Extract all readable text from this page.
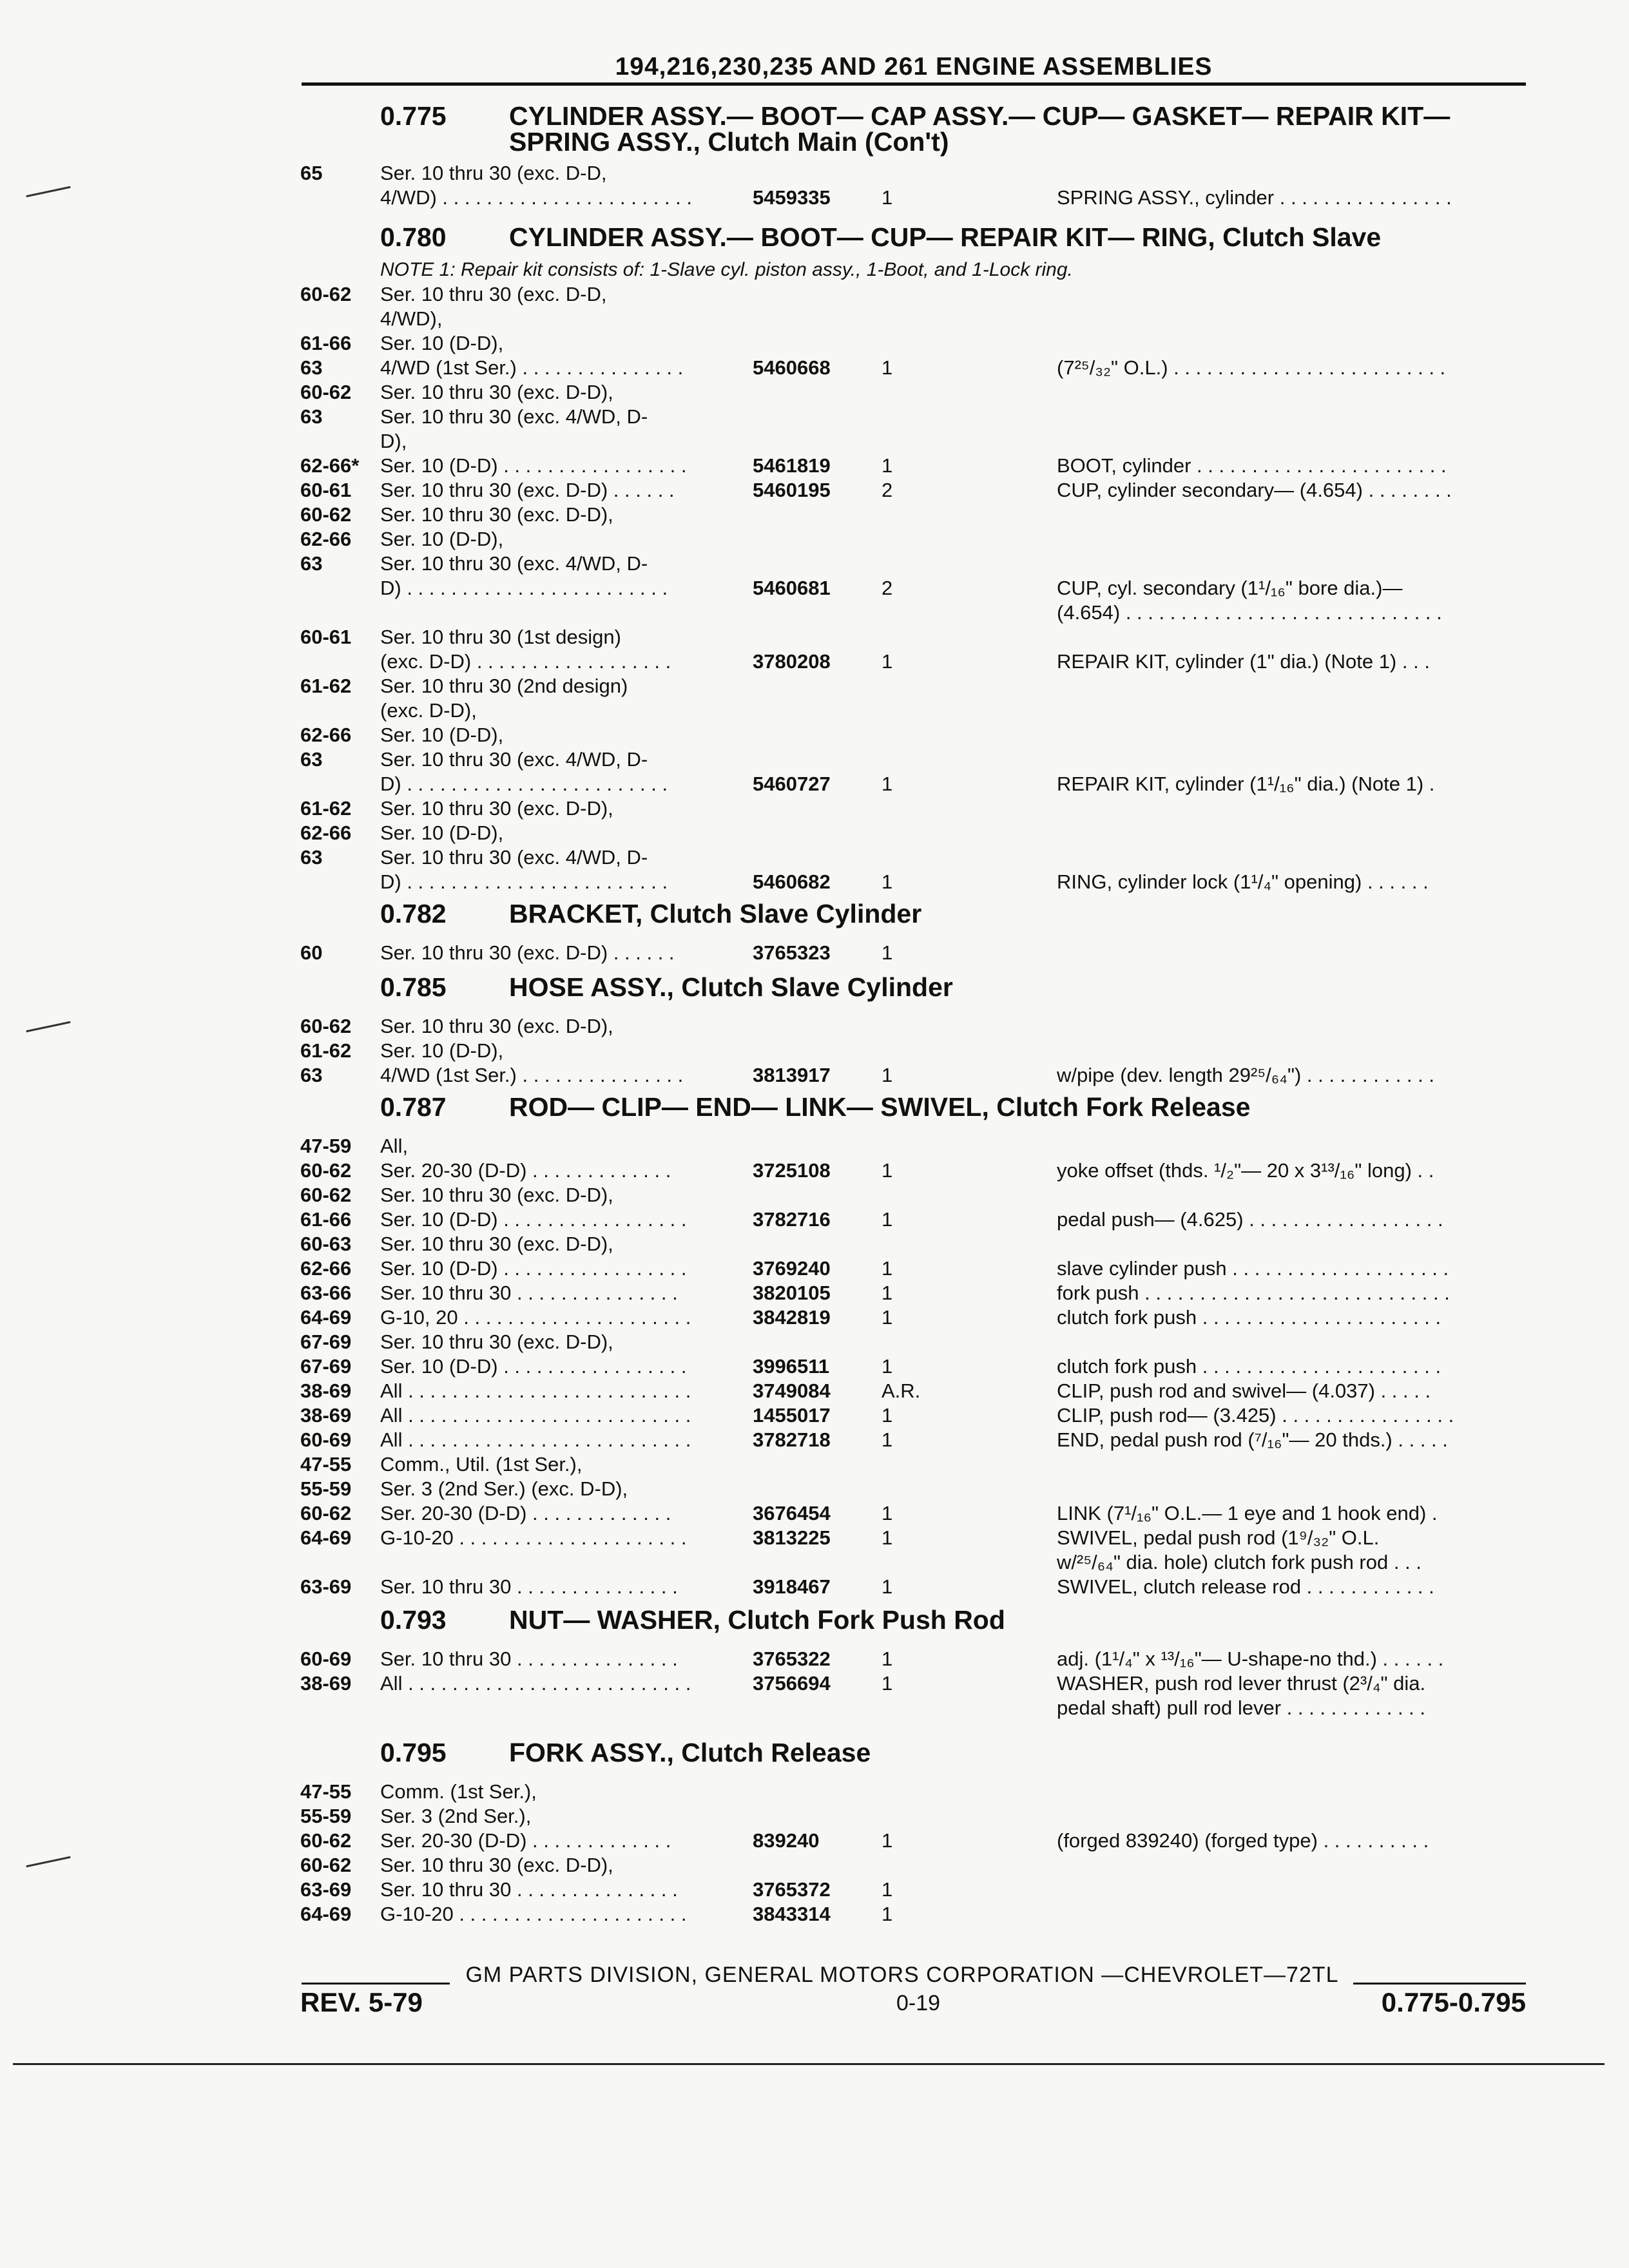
194,216,230,235 AND 261 ENGINE ASSEMBLIES
0.775	CYLINDER ASSY.— BOOT— CAP ASSY.— CUP— GASKET— REPAIR KIT— SPRING ASSY., Clutch Main (Con't)
65	Ser. 10 thru 30 (exc. D-D,
4/WD) . . . . . . . . . . . . . . . . . . . . . . .	5459335	1	SPRING ASSY., cylinder . . . . . . . . . . . . . . . .
0.780	CYLINDER ASSY.— BOOT— CUP— REPAIR KIT— RING, Clutch Slave
NOTE 1: Repair kit consists of: 1-Slave cyl. piston assy., 1-Boot, and 1-Lock ring.
60-62	Ser. 10 thru 30 (exc. D-D,
4/WD),
61-66	Ser. 10 (D-D),
63	4/WD (1st Ser.) . . . . . . . . . . . . . . .	5460668	1	(7²⁵/₃₂" O.L.) . . . . . . . . . . . . . . . . . . . . . . . . .
60-62	Ser. 10 thru 30 (exc. D-D),
63	Ser. 10 thru 30 (exc. 4/WD, D-
D),
62-66*	Ser. 10 (D-D) . . . . . . . . . . . . . . . . .	5461819	1	BOOT, cylinder . . . . . . . . . . . . . . . . . . . . . . .
60-61	Ser. 10 thru 30 (exc. D-D) . . . . . .	5460195	2	CUP, cylinder secondary— (4.654) . . . . . . . .
60-62	Ser. 10 thru 30 (exc. D-D),
62-66	Ser. 10 (D-D),
63	Ser. 10 thru 30 (exc. 4/WD, D-
D) . . . . . . . . . . . . . . . . . . . . . . . .	5460681	2	CUP, cyl. secondary (1¹/₁₆" bore dia.)—
(4.654) . . . . . . . . . . . . . . . . . . . . . . . . . . . . .
60-61	Ser. 10 thru 30 (1st design)
(exc. D-D) . . . . . . . . . . . . . . . . . .	3780208	1	REPAIR KIT, cylinder (1" dia.) (Note 1) . . .
61-62	Ser. 10 thru 30 (2nd design)
(exc. D-D),
62-66	Ser. 10 (D-D),
63	Ser. 10 thru 30 (exc. 4/WD, D-
D) . . . . . . . . . . . . . . . . . . . . . . . .	5460727	1	REPAIR KIT, cylinder (1¹/₁₆" dia.) (Note 1) .
61-62	Ser. 10 thru 30 (exc. D-D),
62-66	Ser. 10 (D-D),
63	Ser. 10 thru 30 (exc. 4/WD, D-
D) . . . . . . . . . . . . . . . . . . . . . . . .	5460682	1	RING, cylinder lock (1¹/₄" opening) . . . . . .
0.782	BRACKET, Clutch Slave Cylinder
60	Ser. 10 thru 30 (exc. D-D) . . . . . .	3765323	1
0.785	HOSE ASSY., Clutch Slave Cylinder
60-62	Ser. 10 thru 30 (exc. D-D),
61-62	Ser. 10 (D-D),
63	4/WD (1st Ser.) . . . . . . . . . . . . . . .	3813917	1	w/pipe (dev. length 29²⁵/₆₄") . . . . . . . . . . . .
0.787	ROD— CLIP— END— LINK— SWIVEL, Clutch Fork Release
47-59	All,
60-62	Ser. 20-30 (D-D) . . . . . . . . . . . . .	3725108	1	yoke offset (thds. ¹/₂"— 20 x 3¹³/₁₆" long) . .
60-62	Ser. 10 thru 30 (exc. D-D),
61-66	Ser. 10 (D-D) . . . . . . . . . . . . . . . . .	3782716	1	pedal push— (4.625) . . . . . . . . . . . . . . . . . .
60-63	Ser. 10 thru 30 (exc. D-D),
62-66	Ser. 10 (D-D) . . . . . . . . . . . . . . . . .	3769240	1	slave cylinder push . . . . . . . . . . . . . . . . . . . .
63-66	Ser. 10 thru 30 . . . . . . . . . . . . . . .	3820105	1	fork push . . . . . . . . . . . . . . . . . . . . . . . . . . . .
64-69	G-10, 20 . . . . . . . . . . . . . . . . . . . . .	3842819	1	clutch fork push . . . . . . . . . . . . . . . . . . . . . .
67-69	Ser. 10 thru 30 (exc. D-D),
67-69	Ser. 10 (D-D) . . . . . . . . . . . . . . . . .	3996511	1	clutch fork push . . . . . . . . . . . . . . . . . . . . . .
38-69	All . . . . . . . . . . . . . . . . . . . . . . . . . .	3749084	A.R.	CLIP, push rod and swivel— (4.037) . . . . .
38-69	All . . . . . . . . . . . . . . . . . . . . . . . . . .	1455017	1	CLIP, push rod— (3.425) . . . . . . . . . . . . . . . .
60-69	All . . . . . . . . . . . . . . . . . . . . . . . . . .	3782718	1	END, pedal push rod (⁷/₁₆"— 20 thds.) . . . . .
47-55	Comm., Util. (1st Ser.),
55-59	Ser. 3 (2nd Ser.) (exc. D-D),
60-62	Ser. 20-30 (D-D) . . . . . . . . . . . . .	3676454	1	LINK (7¹/₁₆" O.L.— 1 eye and 1 hook end) .
64-69	G-10-20 . . . . . . . . . . . . . . . . . . . . .	3813225	1	SWIVEL, pedal push rod (1⁹/₃₂" O.L.
w/²⁵/₆₄" dia. hole) clutch fork push rod . . .
63-69	Ser. 10 thru 30 . . . . . . . . . . . . . . .	3918467	1	SWIVEL, clutch release rod . . . . . . . . . . . .
0.793	NUT— WASHER, Clutch Fork Push Rod
60-69	Ser. 10 thru 30 . . . . . . . . . . . . . . .	3765322	1	adj. (1¹/₄" x ¹³/₁₆"— U-shape-no thd.) . . . . . .
38-69	All . . . . . . . . . . . . . . . . . . . . . . . . . .	3756694	1	WASHER, push rod lever thrust (2³/₄" dia.
pedal shaft) pull rod lever . . . . . . . . . . . . .
0.795	FORK ASSY., Clutch Release
47-55	Comm. (1st Ser.),
55-59	Ser. 3 (2nd Ser.),
60-62	Ser. 20-30 (D-D) . . . . . . . . . . . . .	839240	1	(forged 839240) (forged type) . . . . . . . . . .
60-62	Ser. 10 thru 30 (exc. D-D),
63-69	Ser. 10 thru 30 . . . . . . . . . . . . . . .	3765372	1
64-69	G-10-20 . . . . . . . . . . . . . . . . . . . . .	3843314	1
GM PARTS DIVISION, GENERAL MOTORS CORPORATION —CHEVROLET—72TL
REV. 5-79	0-19	0.775-0.795
